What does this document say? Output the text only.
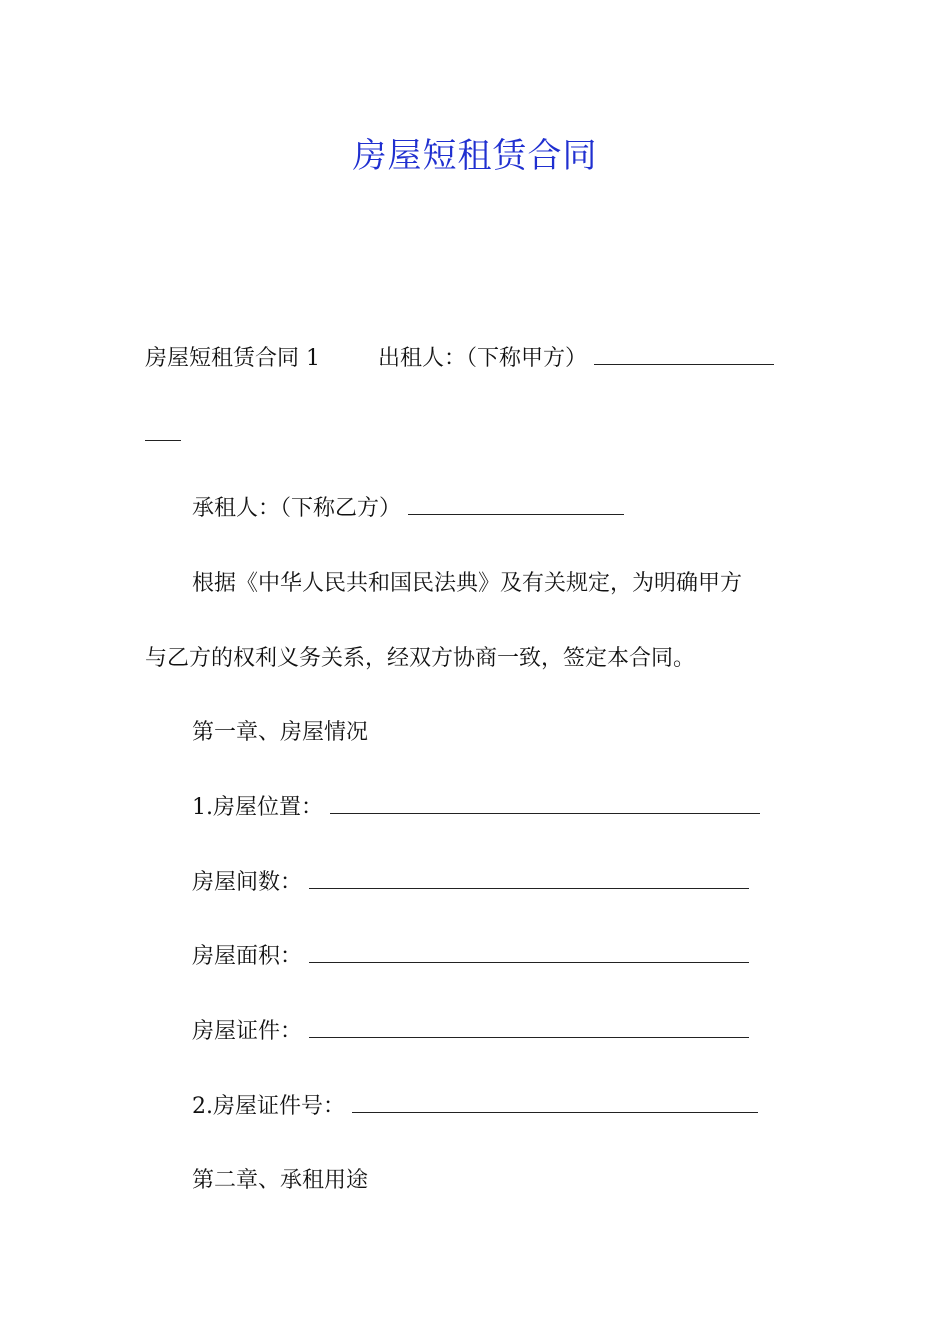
房屋短租赁合同
房屋短租赁合同 1	出租人：（下称甲方）
承租人：（下称乙方）
根据《中华人民共和国民法典》及有关规定，为明确甲方
与乙方的权利义务关系，经双方协商一致，签定本合同。
第一章、房屋情况
1.房屋位置：
房屋间数：
房屋面积：
房屋证件：
2.房屋证件号：
第二章、承租用途
